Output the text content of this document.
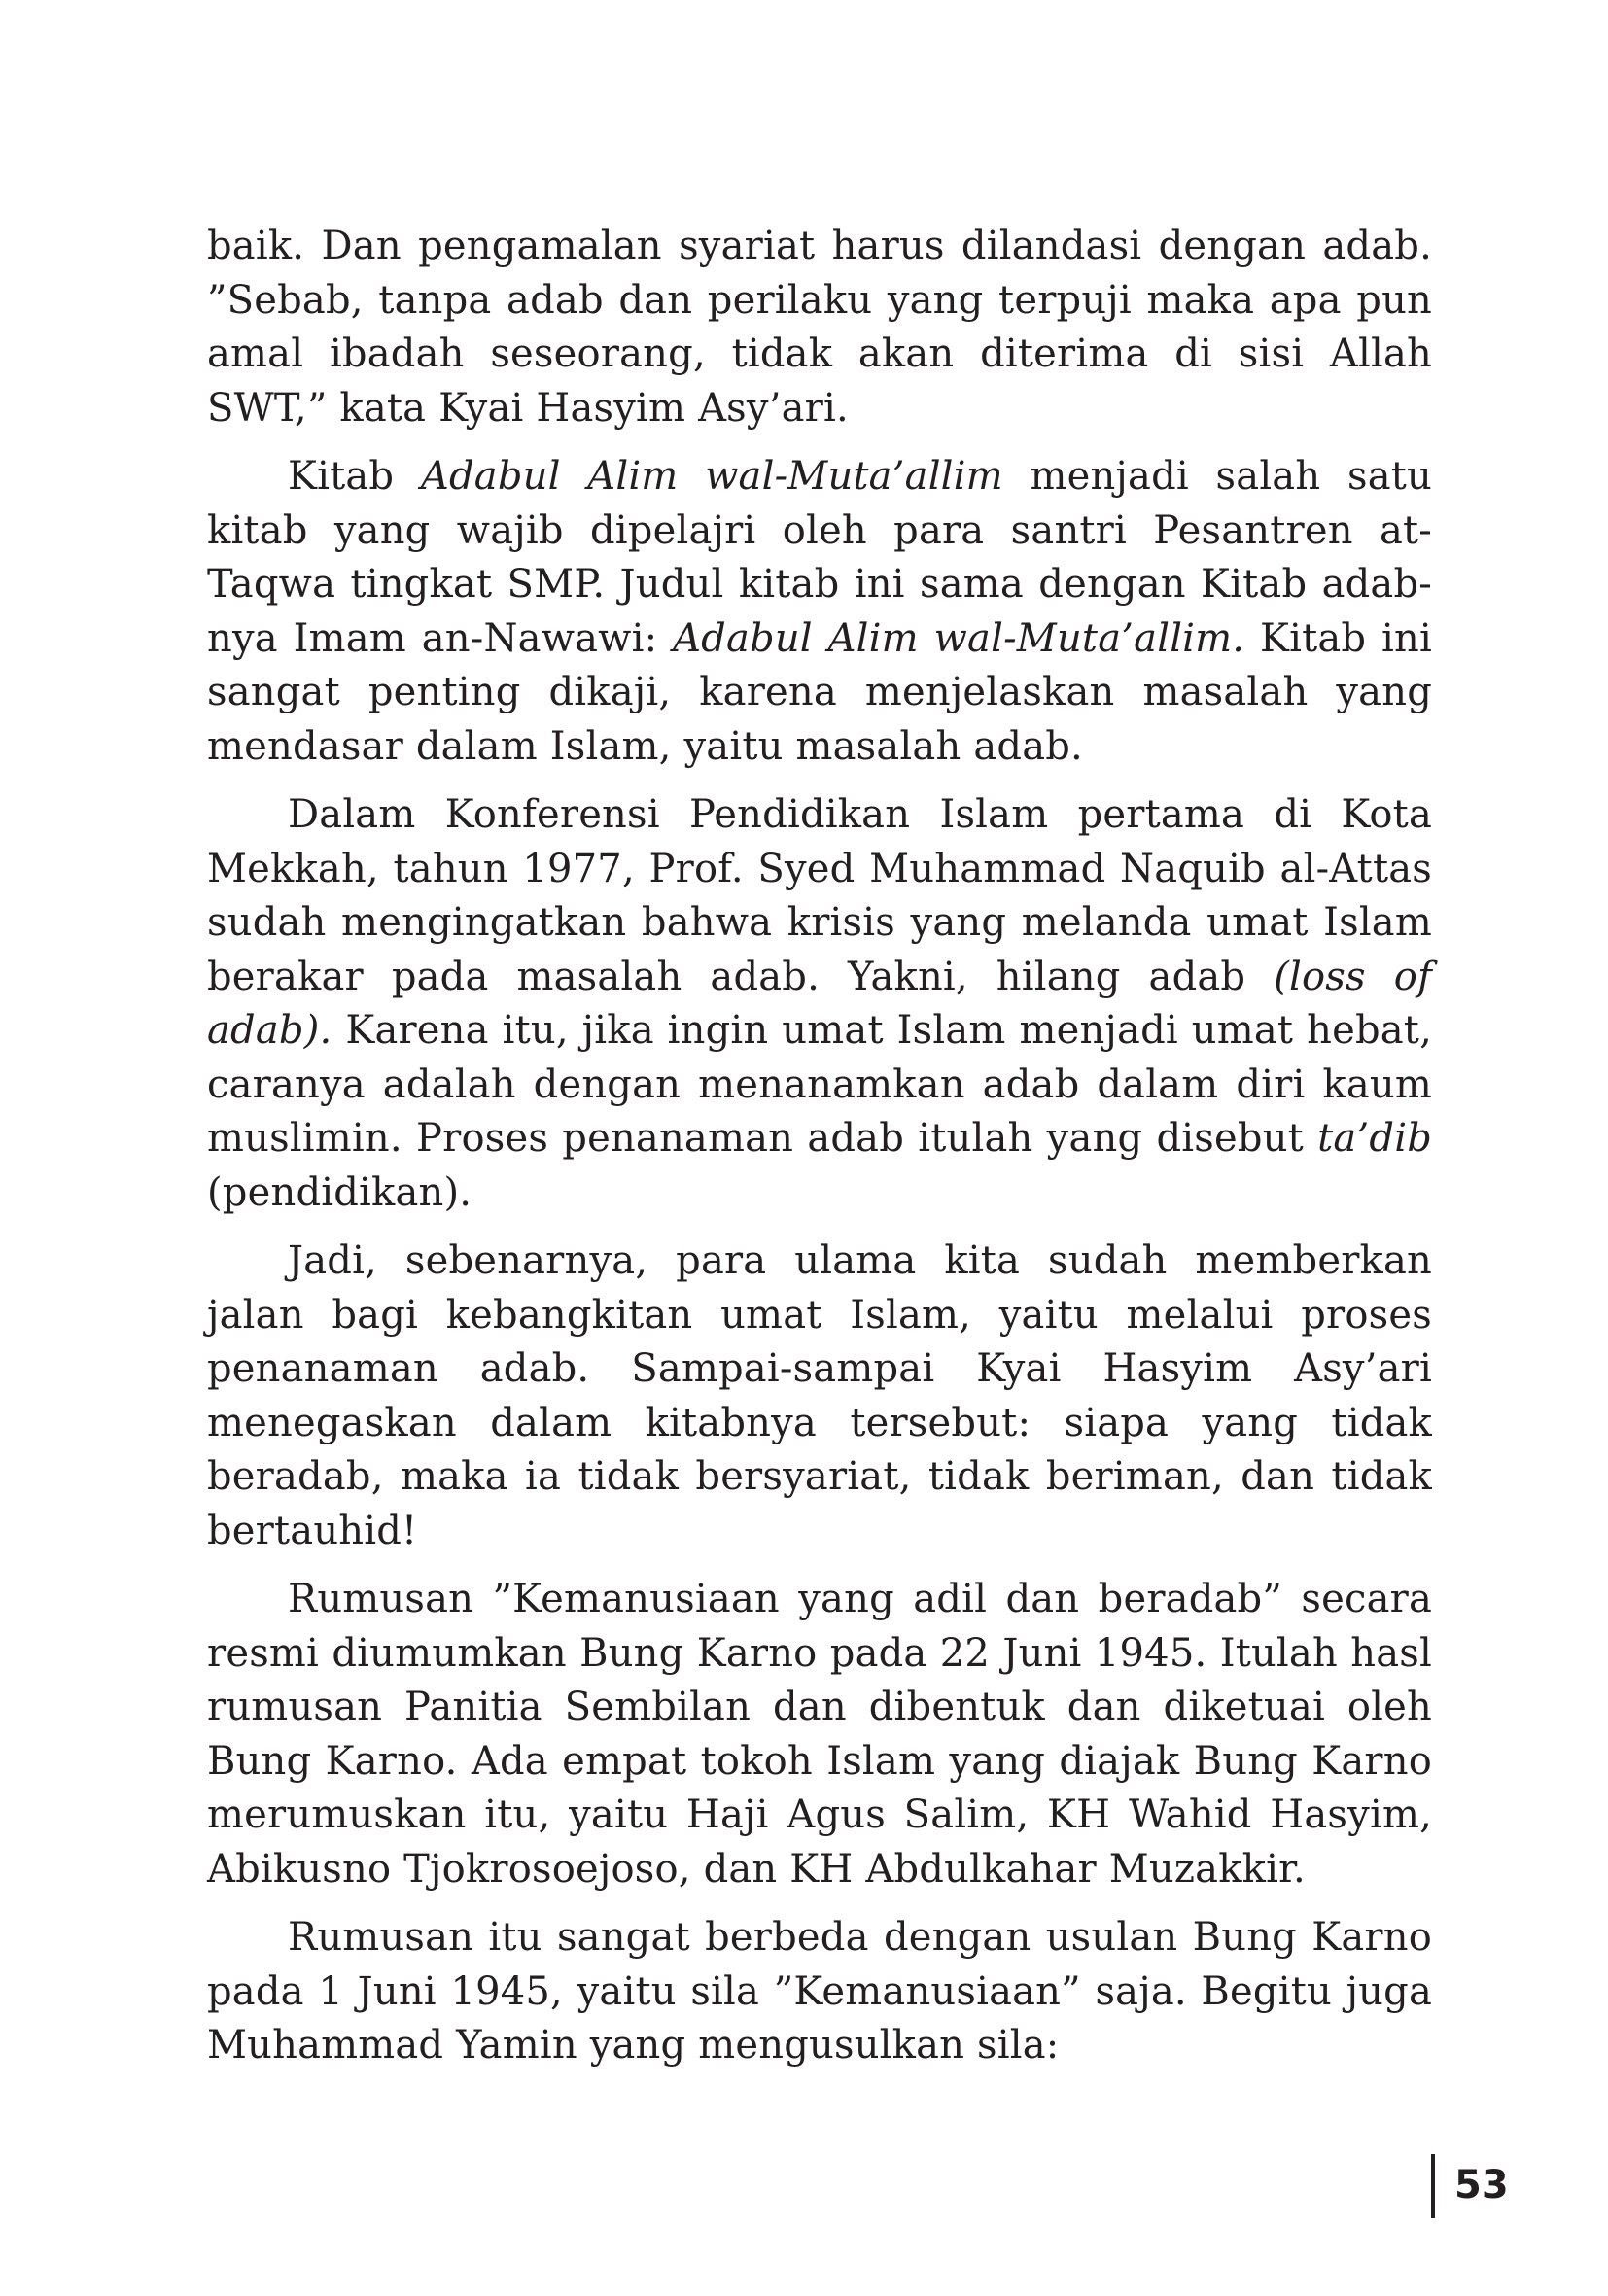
baik. Dan pengamalan syariat harus dilandasi dengan adab. ”Sebab, tanpa adab dan perilaku yang terpuji maka apa pun amal ibadah seseorang, tidak akan diterima di sisi Allah SWT,” kata Kyai Hasyim Asy’ari.

Kitab Adabul Alim wal-Muta’allim menjadi salah satu kitab yang wajib dipelajri oleh para santri Pesantren at-Taqwa tingkat SMP. Judul kitab ini sama dengan Kitab adab-nya Imam an-Nawawi: Adabul Alim wal-Muta’allim. Kitab ini sangat penting dikaji, karena menjelaskan masalah yang mendasar dalam Islam, yaitu masalah adab.

Dalam Konferensi Pendidikan Islam pertama di Kota Mekkah, tahun 1977, Prof. Syed Muhammad Naquib al-Attas sudah mengingatkan bahwa krisis yang melanda umat Islam berakar pada masalah adab. Yakni, hilang adab (loss of adab). Karena itu, jika ingin umat Islam menjadi umat hebat, caranya adalah dengan menanamkan adab dalam diri kaum muslimin. Proses penanaman adab itulah yang disebut ta’dib (pendidikan).

Jadi, sebenarnya, para ulama kita sudah memberkan jalan bagi kebangkitan umat Islam, yaitu melalui proses penanaman adab. Sampai-sampai Kyai Hasyim Asy’ari menegaskan dalam kitabnya tersebut: siapa yang tidak beradab, maka ia tidak bersyariat, tidak beriman, dan tidak bertauhid!

Rumusan ”Kemanusiaan yang adil dan beradab” secara resmi diumumkan Bung Karno pada 22 Juni 1945. Itulah hasl rumusan Panitia Sembilan dan dibentuk dan diketuai oleh Bung Karno. Ada empat tokoh Islam yang diajak Bung Karno merumuskan itu, yaitu Haji Agus Salim, KH Wahid Hasyim, Abikusno Tjokrosoejoso, dan KH Abdulkahar Muzakkir.

Rumusan itu sangat berbeda dengan usulan Bung Karno pada 1 Juni 1945, yaitu sila ”Kemanusiaan” saja. Begitu juga Muhammad Yamin yang mengusulkan sila:

53
